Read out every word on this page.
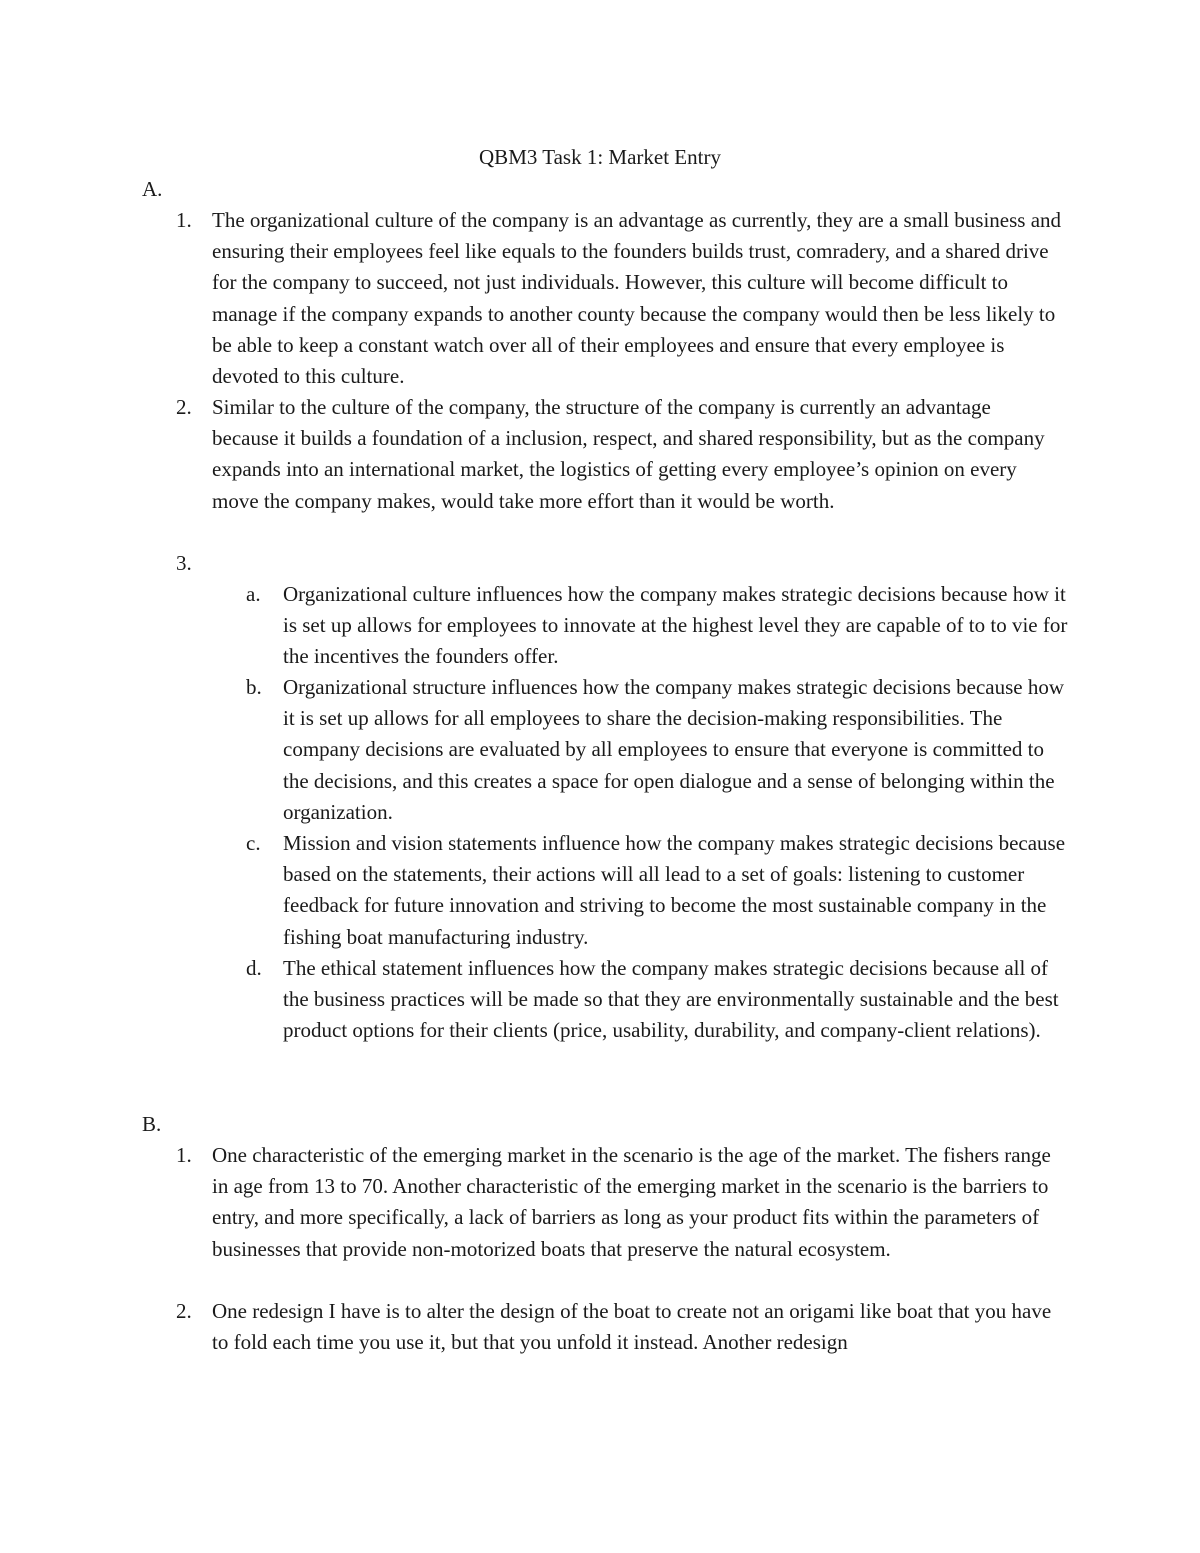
QBM3 Task 1: Market Entry
A.
1. The organizational culture of the company is an advantage as currently, they are a small business and ensuring their employees feel like equals to the founders builds trust, comradery, and a shared drive for the company to succeed, not just individuals. However, this culture will become difficult to manage if the company expands to another county because the company would then be less likely to be able to keep a constant watch over all of their employees and ensure that every employee is devoted to this culture.
2. Similar to the culture of the company, the structure of the company is currently an advantage because it builds a foundation of a inclusion, respect, and shared responsibility, but as the company expands into an international market, the logistics of getting every employee’s opinion on every move the company makes, would take more effort than it would be worth.
3.
a. Organizational culture influences how the company makes strategic decisions because how it is set up allows for employees to innovate at the highest level they are capable of to to vie for the incentives the founders offer.
b. Organizational structure influences how the company makes strategic decisions because how it is set up allows for all employees to share the decision-making responsibilities. The company decisions are evaluated by all employees to ensure that everyone is committed to the decisions, and this creates a space for open dialogue and a sense of belonging within the organization.
c. Mission and vision statements influence how the company makes strategic decisions because based on the statements, their actions will all lead to a set of goals: listening to customer feedback for future innovation and striving to become the most sustainable company in the fishing boat manufacturing industry.
d. The ethical statement influences how the company makes strategic decisions because all of the business practices will be made so that they are environmentally sustainable and the best product options for their clients (price, usability, durability, and company-client relations).
B.
1. One characteristic of the emerging market in the scenario is the age of the market. The fishers range in age from 13 to 70. Another characteristic of the emerging market in the scenario is the barriers to entry, and more specifically, a lack of barriers as long as your product fits within the parameters of businesses that provide non-motorized boats that preserve the natural ecosystem.
2. One redesign I have is to alter the design of the boat to create not an origami like boat that you have to fold each time you use it, but that you unfold it instead. Another redesign
